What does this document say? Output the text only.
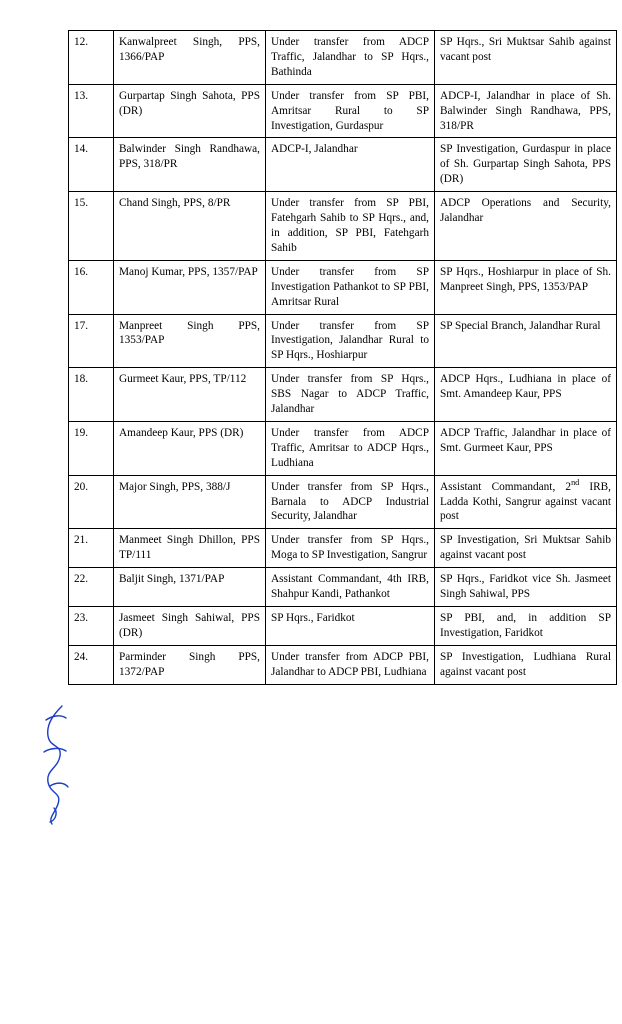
12.	Kanwalpreet Singh, PPS, 1366/PAP	Under transfer from ADCP Traffic, Jalandhar to SP Hqrs., Bathinda	SP Hqrs., Sri Muktsar Sahib against vacant post
13.	Gurpartap Singh Sahota, PPS (DR)	Under transfer from SP PBI, Amritsar Rural to SP Investigation, Gurdaspur	ADCP-I, Jalandhar in place of Sh. Balwinder Singh Randhawa, PPS, 318/PR
14.	Balwinder Singh Randhawa, PPS, 318/PR	ADCP-I, Jalandhar	SP Investigation, Gurdaspur in place of Sh. Gurpartap Singh Sahota, PPS (DR)
15.	Chand Singh, PPS, 8/PR	Under transfer from SP PBI, Fatehgarh Sahib to SP Hqrs., and, in addition, SP PBI, Fatehgarh Sahib	ADCP Operations and Security, Jalandhar
16.	Manoj Kumar, PPS, 1357/PAP	Under transfer from SP Investigation Pathankot to SP PBI, Amritsar Rural	SP Hqrs., Hoshiarpur in place of Sh. Manpreet Singh, PPS, 1353/PAP
17.	Manpreet Singh PPS, 1353/PAP	Under transfer from SP Investigation, Jalandhar Rural to SP Hqrs., Hoshiarpur	SP Special Branch, Jalandhar Rural
18.	Gurmeet Kaur, PPS, TP/112	Under transfer from SP Hqrs., SBS Nagar to ADCP Traffic, Jalandhar	ADCP Hqrs., Ludhiana in place of Smt. Amandeep Kaur, PPS
19.	Amandeep Kaur, PPS (DR)	Under transfer from ADCP Traffic, Amritsar to ADCP Hqrs., Ludhiana	ADCP Traffic, Jalandhar in place of Smt. Gurmeet Kaur, PPS
20.	Major Singh, PPS, 388/J	Under transfer from SP Hqrs., Barnala to ADCP Industrial Security, Jalandhar	Assistant Commandant, 2nd IRB, Ladda Kothi, Sangrur against vacant post
21.	Manmeet Singh Dhillon, PPS TP/111	Under transfer from SP Hqrs., Moga to SP Investigation, Sangrur	SP Investigation, Sri Muktsar Sahib against vacant post
22.	Baljit Singh, 1371/PAP	Assistant Commandant, 4th IRB, Shahpur Kandi, Pathankot	SP Hqrs., Faridkot vice Sh. Jasmeet Singh Sahiwal, PPS
23.	Jasmeet Singh Sahiwal, PPS (DR)	SP Hqrs., Faridkot	SP PBI, and, in addition SP Investigation, Faridkot
24.	Parminder Singh PPS, 1372/PAP	Under transfer from ADCP PBI, Jalandhar to ADCP PBI, Ludhiana	SP Investigation, Ludhiana Rural against vacant post
